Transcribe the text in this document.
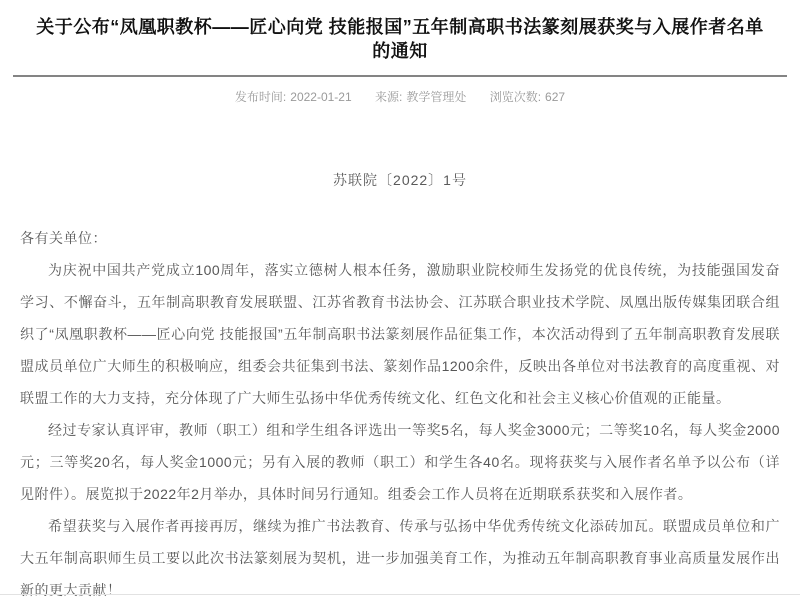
关于公布“凤凰职教杯——匠心向党 技能报国”五年制高职书法篆刻展获奖与入展作者名单的通知
发布时间: 2022-01-21 来源: 教学管理处 浏览次数: 627
苏联院〔2022〕1号

各有关单位：

为庆祝中国共产党成立100周年，落实立德树人根本任务，激励职业院校师生发扬党的优良传统，为技能强国发奋学习、不懈奋斗，五年制高职教育发展联盟、江苏省教育书法协会、江苏联合职业技术学院、凤凰出版传媒集团联合组织了“凤凰职教杯——匠心向党 技能报国”五年制高职书法篆刻展作品征集工作，本次活动得到了五年制高职教育发展联盟成员单位广大师生的积极响应，组委会共征集到书法、篆刻作品1200余件，反映出各单位对书法教育的高度重视、对联盟工作的大力支持，充分体现了广大师生弘扬中华优秀传统文化、红色文化和社会主义核心价值观的正能量。

经过专家认真评审，教师（职工）组和学生组各评选出一等奖5名，每人奖金3000元；二等奖10名，每人奖金2000元；三等奖20名，每人奖金1000元；另有入展的教师（职工）和学生各40名。现将获奖与入展作者名单予以公布（详见附件）。展览拟于2022年2月举办，具体时间另行通知。组委会工作人员将在近期联系获奖和入展作者。

希望获奖与入展作者再接再厉，继续为推广书法教育、传承与弘扬中华优秀传统文化添砖加瓦。联盟成员单位和广大五年制高职师生员工要以此次书法篆刻展为契机，进一步加强美育工作，为推动五年制高职教育事业高质量发展作出新的更大贡献！
